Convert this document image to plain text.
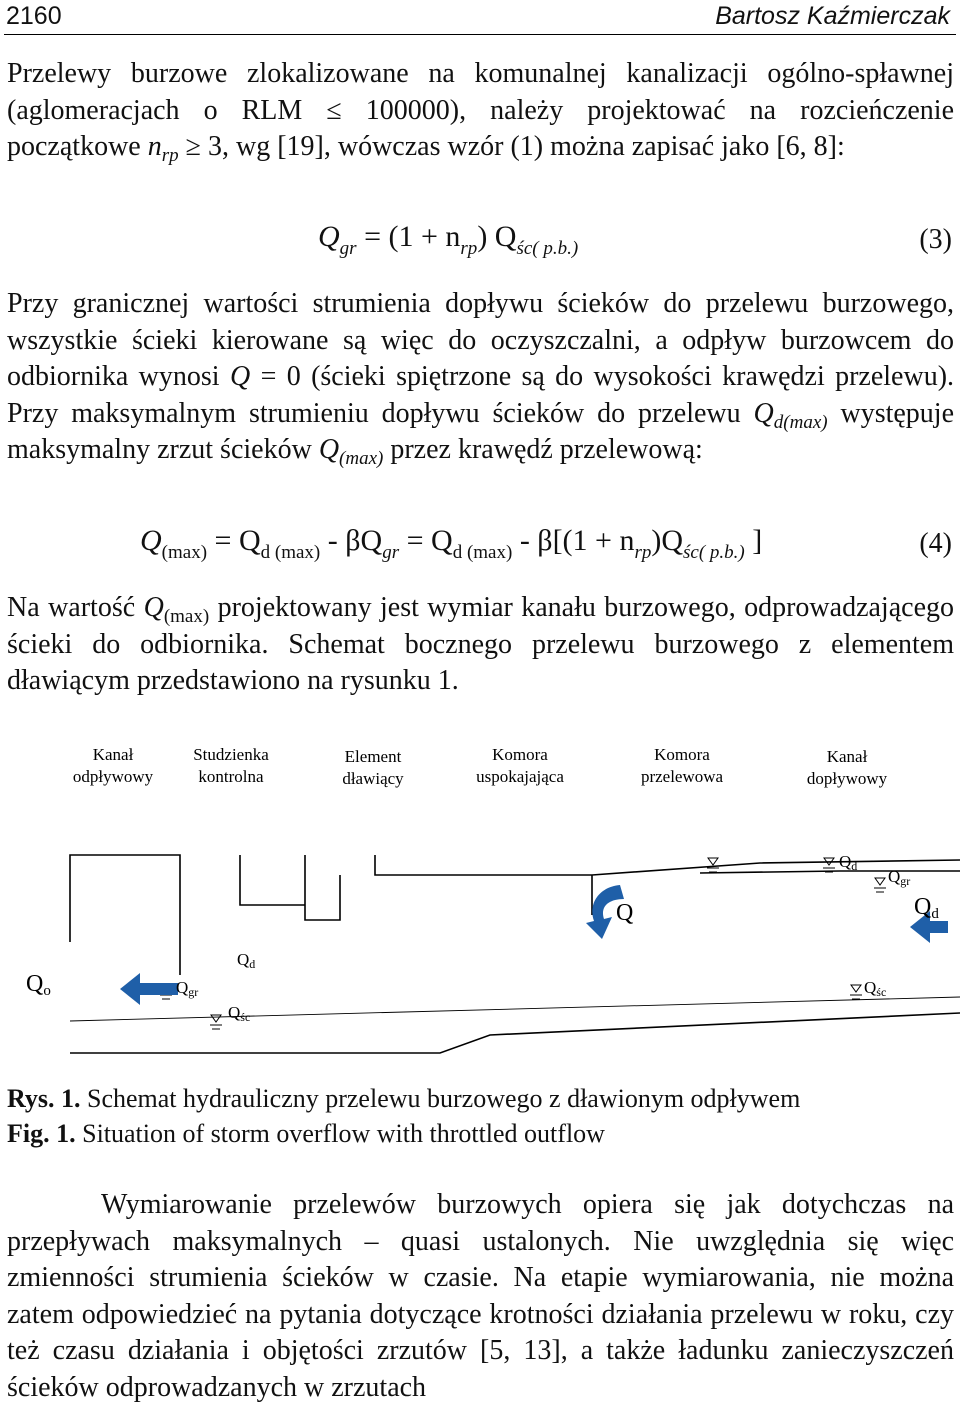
2160	Bartosz Kaźmierczak

Przelewy burzowe zlokalizowane na komunalnej kanalizacji ogólno-spławnej (aglomeracjach o RLM ≤ 100000), należy projektować na rozcieńczenie początkowe $n_{rp} \ge 3$, wg [19], wówczas wzór (1) można zapisać jako [6, 8]:

$Q_{gr} = (1 + n_{rp})$ $Q_{śc( p.b.)}$	(3)

Przy granicznej wartości strumienia dopływu ścieków do przelewu burzowego, wszystkie ścieki kierowane są więc do oczyszczalni, a odpływ burzowcem do odbiornika wynosi Q = 0 (ścieki spiętrzone są do wysokości krawędzi przelewu). Przy maksymalnym strumieniu dopływu ścieków do przelewu $Q_{d(max)}$ występuje maksymalny zrzut ścieków $Q_{(max)}$ przez krawędź przelewową:

$Q_{(max)} = Q_{d (max)} - \beta Q_{gr} = Q_{d (max)} - \beta[(1 + n_{rp})Q_{śc( p.b.)}$ ]	(4)

Na wartość $Q_{(max)}$ projektowany jest wymiar kanału burzowego, odprowadzającego ścieki do odbiornika. Schemat bocznego przelewu burzowego z elementem dławiącym przedstawiono na rysunku 1.

Kanał
odpływowy
Studzienka
kontrolna
Element
dławiący
Komora
uspokajająca
Komora
przelewowa
Kanał
dopływowy
Qo	Qgr
Qd
Qśc
Q
Qd
Qgr
Qd
Qśc
Rys. 1. Schemat hydrauliczny przelewu burzowego z dławionym odpływem
Fig. 1. Situation of storm overflow with throttled outflow

Wymiarowanie przelewów burzowych opiera się jak dotychczas na przepływach maksymalnych – quasi ustalonych. Nie uwzględnia się więc zmienności strumienia ścieków w czasie. Na etapie wymiarowania, nie można zatem odpowiedzieć na pytania dotyczące krotności działania przelewu w roku, czy też czasu działania i objętości zrzutów [5, 13], a także ładunku zanieczyszczeń ścieków odprowadzanych w zrzutach
